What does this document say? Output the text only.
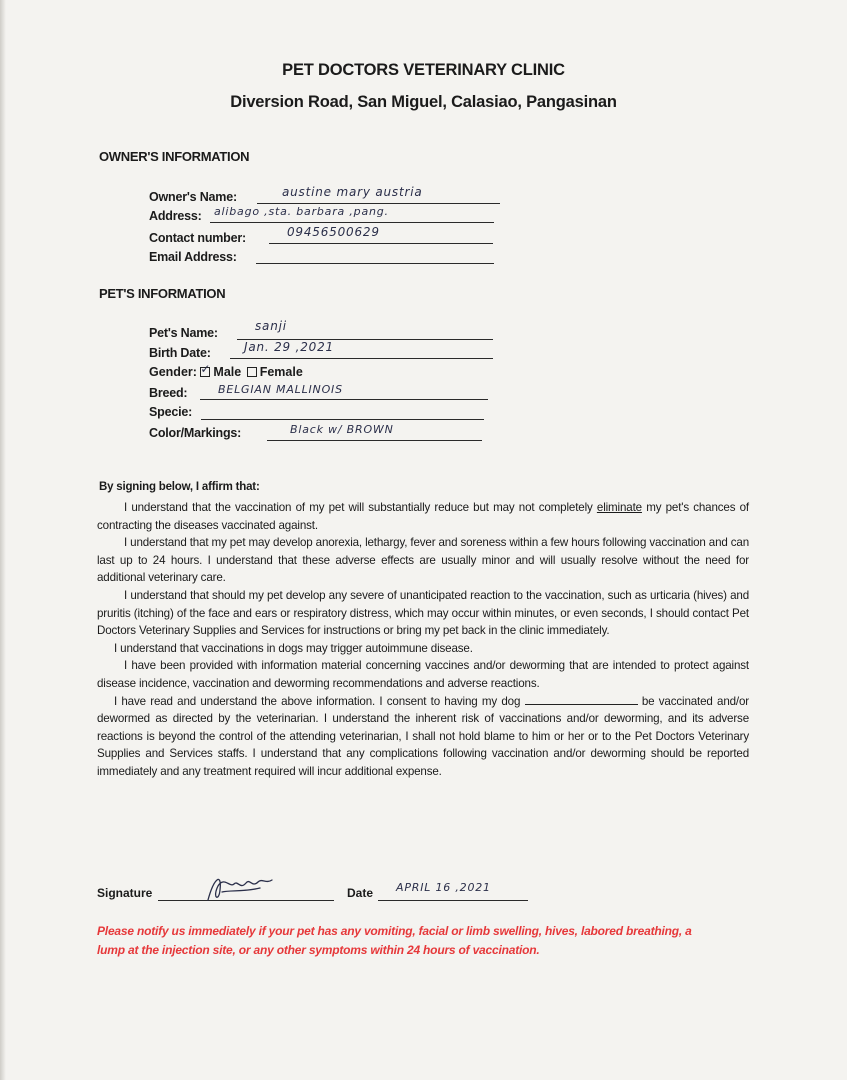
PET DOCTORS VETERINARY CLINIC
Diversion Road, San Miguel, Calasiao, Pangasinan
OWNER'S INFORMATION
Owner's Name:	austine mary austria
Address: alibago ,sta. barbara ,pang.
Contact number:	09456500629
Email Address:
PET'S INFORMATION
Pet's Name:	sanji
Birth Date:	Jan. 29 ,2021
Gender: ✓ Male Female
Breed:	BELGIAN MALLINOIS
Specie:
Color/Markings:	Black w/ BROWN
By signing below, I affirm that:

I understand that the vaccination of my pet will substantially reduce but may not completely eliminate my pet's chances of contracting the diseases vaccinated against.

I understand that my pet may develop anorexia, lethargy, fever and soreness within a few hours following vaccination and can last up to 24 hours. I understand that these adverse effects are usually minor and will usually resolve without the need for additional veterinary care.

I understand that should my pet develop any severe of unanticipated reaction to the vaccination, such as urticaria (hives) and pruritis (itching) of the face and ears or respiratory distress, which may occur within minutes, or even seconds, I should contact Pet Doctors Veterinary Supplies and Services for instructions or bring my pet back in the clinic immediately.

I understand that vaccinations in dogs may trigger autoimmune disease.

I have been provided with information material concerning vaccines and/or deworming that are intended to protect against disease incidence, vaccination and deworming recommendations and adverse reactions.

I have read and understand the above information. I consent to having my dog	be vaccinated and/or dewormed as directed by the veterinarian. I understand the inherent risk of vaccinations and/or deworming, and its adverse reactions is beyond the control of the attending veterinarian, I shall not hold blame to him or her or to the Pet Doctors Veterinary Supplies and Services staffs. I understand that any complications following vaccination and/or deworming should be reported immediately and any treatment required will incur additional expense.

Signature	Date APRIL 16 ,2021
Please notify us immediately if your pet has any vomiting, facial or limb swelling, hives, labored breathing, a lump at the injection site, or any other symptoms within 24 hours of vaccination.
